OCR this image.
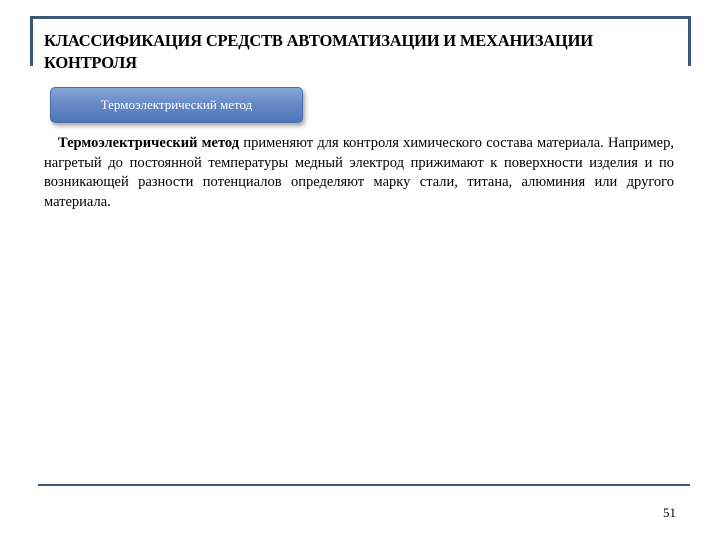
КЛАССИФИКАЦИЯ СРЕДСТВ АВТОМАТИЗАЦИИ И МЕХАНИЗАЦИИ КОНТРОЛЯ
Термоэлектрический метод
Термоэлектрический метод применяют для контроля химического состава материала. Например, нагретый до постоянной температуры медный электрод прижимают к поверхности изделия и по возникающей разности потенциалов определяют марку стали, титана, алюминия или другого материала.
51
